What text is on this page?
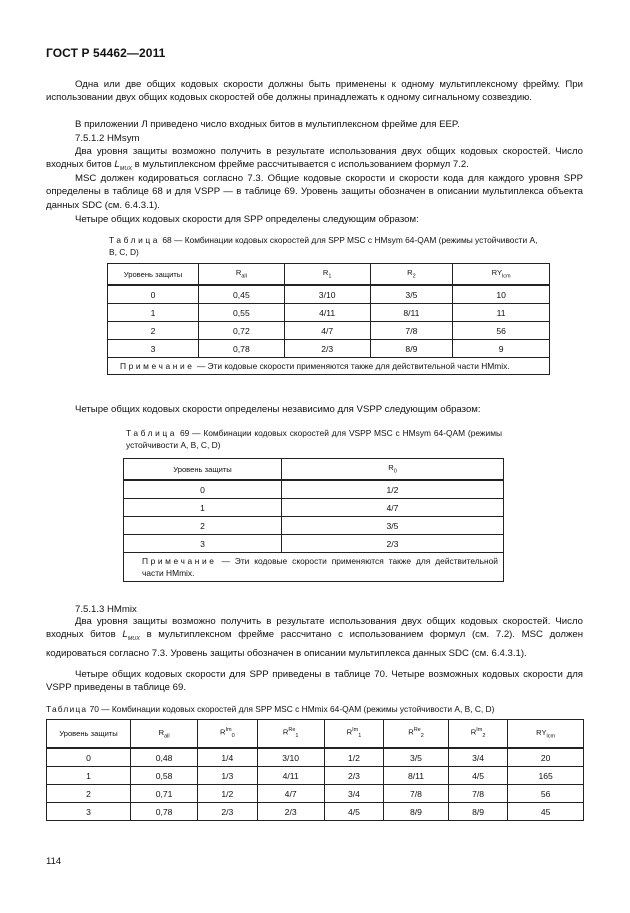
ГОСТ Р 54462—2011
Одна или две общих кодовых скорости должны быть применены к одному мультиплексному фрейму. При использовании двух общих кодовых скоростей обе должны принадлежать к одному сигнальному созвездию.
В приложении Л приведено число входных битов в мультиплексном фрейме для EEP.
7.5.1.2 HMsym
Два уровня защиты возможно получить в результате использования двух общих кодовых скоростей. Число входных битов $L_{MUX}$ в мультиплексном фрейме рассчитывается с использованием формул 7.2.
MSC должен кодироваться согласно 7.3. Общие кодовые скорости и скорости кода для каждого уровня SPP определены в таблице 68 и для VSPP — в таблице 69. Уровень защиты обозначен в описании мультиплекса объекта данных SDC (см. 6.4.3.1).
Четыре общих кодовых скорости для SPP определены следующим образом:
Таблица 68 — Комбинации кодовых скоростей для SPP MSC с HMsym 64-QAM (режимы устойчивости А, В, С, D)
Уровень защиты	$R_{all}$	$R_1$	$R_2$	$RY_{lcm}$
0	0,45	3/10	3/5	10
1	0,55	4/11	8/11	11
2	0,72	4/7	7/8	56
3	0,78	2/3	8/9	9
Примечание — Эти кодовые скорости применяются также для действительной части HMmix.				
Четыре общих кодовых скорости определены независимо для VSPP следующим образом:
Таблица 69 — Комбинации кодовых скоростей для VSPP MSC с HMsym 64-QAM (режимы устойчивости А, В, С, D)
Уровень защиты	$R_0$
0	1/2
1	4/7
2	3/5
3	2/3
Примечание — Эти кодовые скорости применяются также для действительной части HMmix.	
7.5.1.3 HMmix
Два уровня защиты возможно получить в результате использования двух общих кодовых скоростей. Число входных битов $L_{MUX}$ в мультиплексном фрейме рассчитано с использованием формул (см. 7.2). MSC должен кодироваться согласно 7.3. Уровень защиты обозначен в описании мультиплекса данных SDC (см. 6.4.3.1).
Четыре общих кодовых скорости для SPP приведены в таблице 70. Четыре возможных кодовых скорости для VSPP приведены в таблице 69.
Таблица 70 — Комбинации кодовых скоростей для SPP MSC с HMmix 64-QAM (режимы устойчивости А, В, С, D)
Уровень защиты	$R_{all}$	$R^{Im}_0$	$R^{Re}_1$	$R^{Im}_1$	$R^{Re}_2$	$R^{Im}_2$	$RY_{lcm}$
0	0,48	1/4	3/10	1/2	3/5	3/4	20
1	0,58	1/3	4/11	2/3	8/11	4/5	165
2	0,71	1/2	4/7	3/4	7/8	7/8	56
3	0,78	2/3	2/3	4/5	8/9	8/9	45
114
